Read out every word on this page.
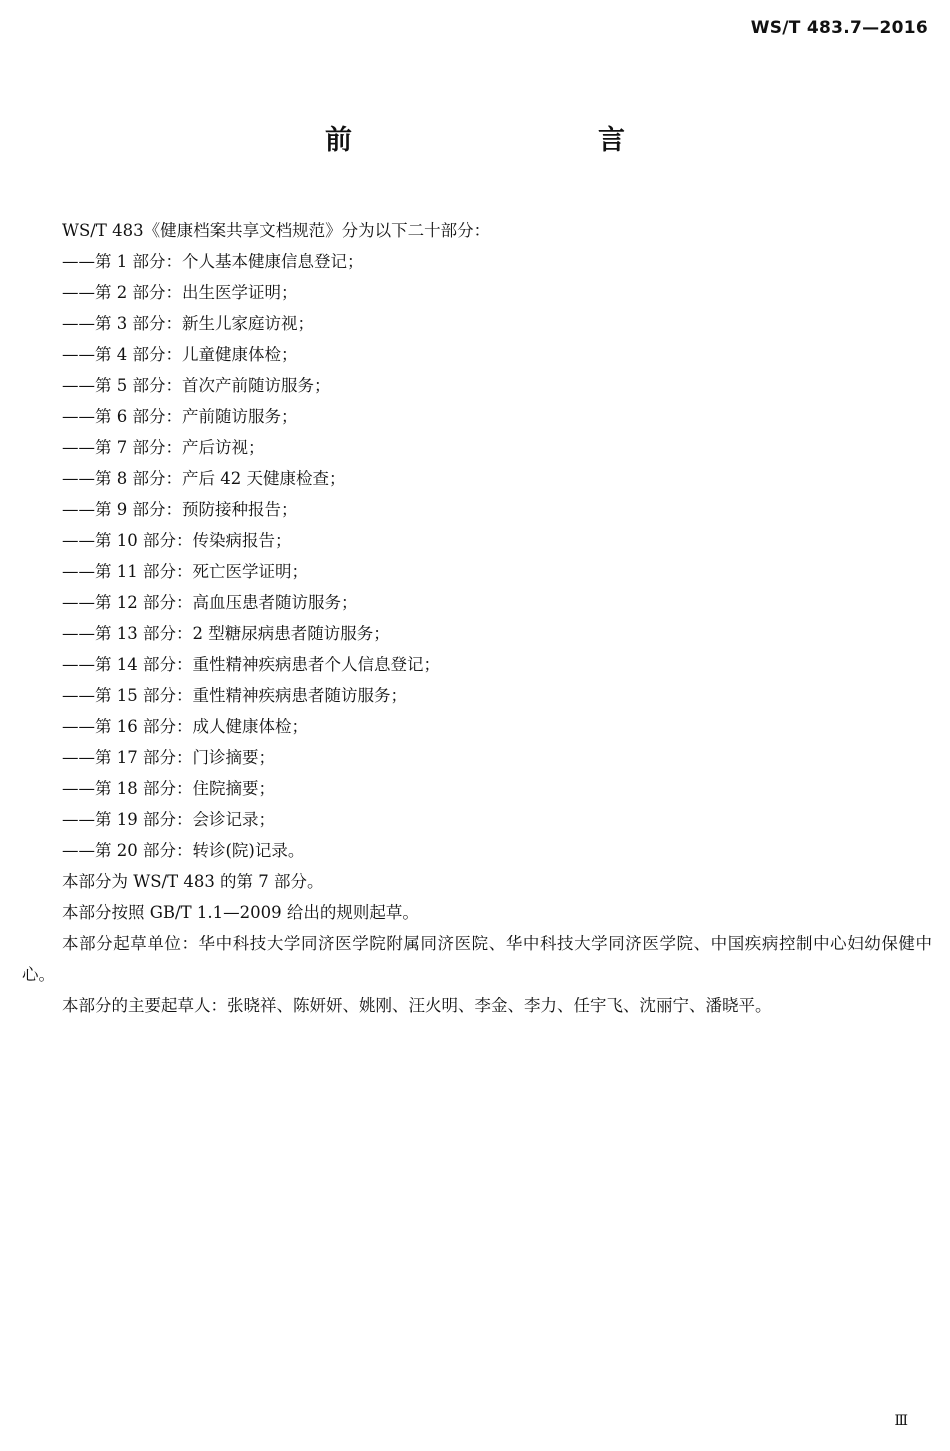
WS/T 483.7—2016
前　　言

WS/T 483《健康档案共享文档规范》分为以下二十部分：

——第 1 部分：个人基本健康信息登记；
——第 2 部分：出生医学证明；
——第 3 部分：新生儿家庭访视；
——第 4 部分：儿童健康体检；
——第 5 部分：首次产前随访服务；
——第 6 部分：产前随访服务；
——第 7 部分：产后访视；
——第 8 部分：产后 42 天健康检查；
——第 9 部分：预防接种报告；
——第 10 部分：传染病报告；
——第 11 部分：死亡医学证明；
——第 12 部分：高血压患者随访服务；
——第 13 部分：2 型糖尿病患者随访服务；
——第 14 部分：重性精神疾病患者个人信息登记；
——第 15 部分：重性精神疾病患者随访服务；
——第 16 部分：成人健康体检；
——第 17 部分：门诊摘要；
——第 18 部分：住院摘要；
——第 19 部分：会诊记录；
——第 20 部分：转诊(院)记录。

本部分为 WS/T 483 的第 7 部分。

本部分按照 GB/T 1.1—2009 给出的规则起草。

本部分起草单位：华中科技大学同济医学院附属同济医院、华中科技大学同济医学院、中国疾病控制中心妇幼保健中心。

本部分的主要起草人：张晓祥、陈妍妍、姚刚、汪火明、李金、李力、任宇飞、沈丽宁、潘晓平。

Ⅲ
